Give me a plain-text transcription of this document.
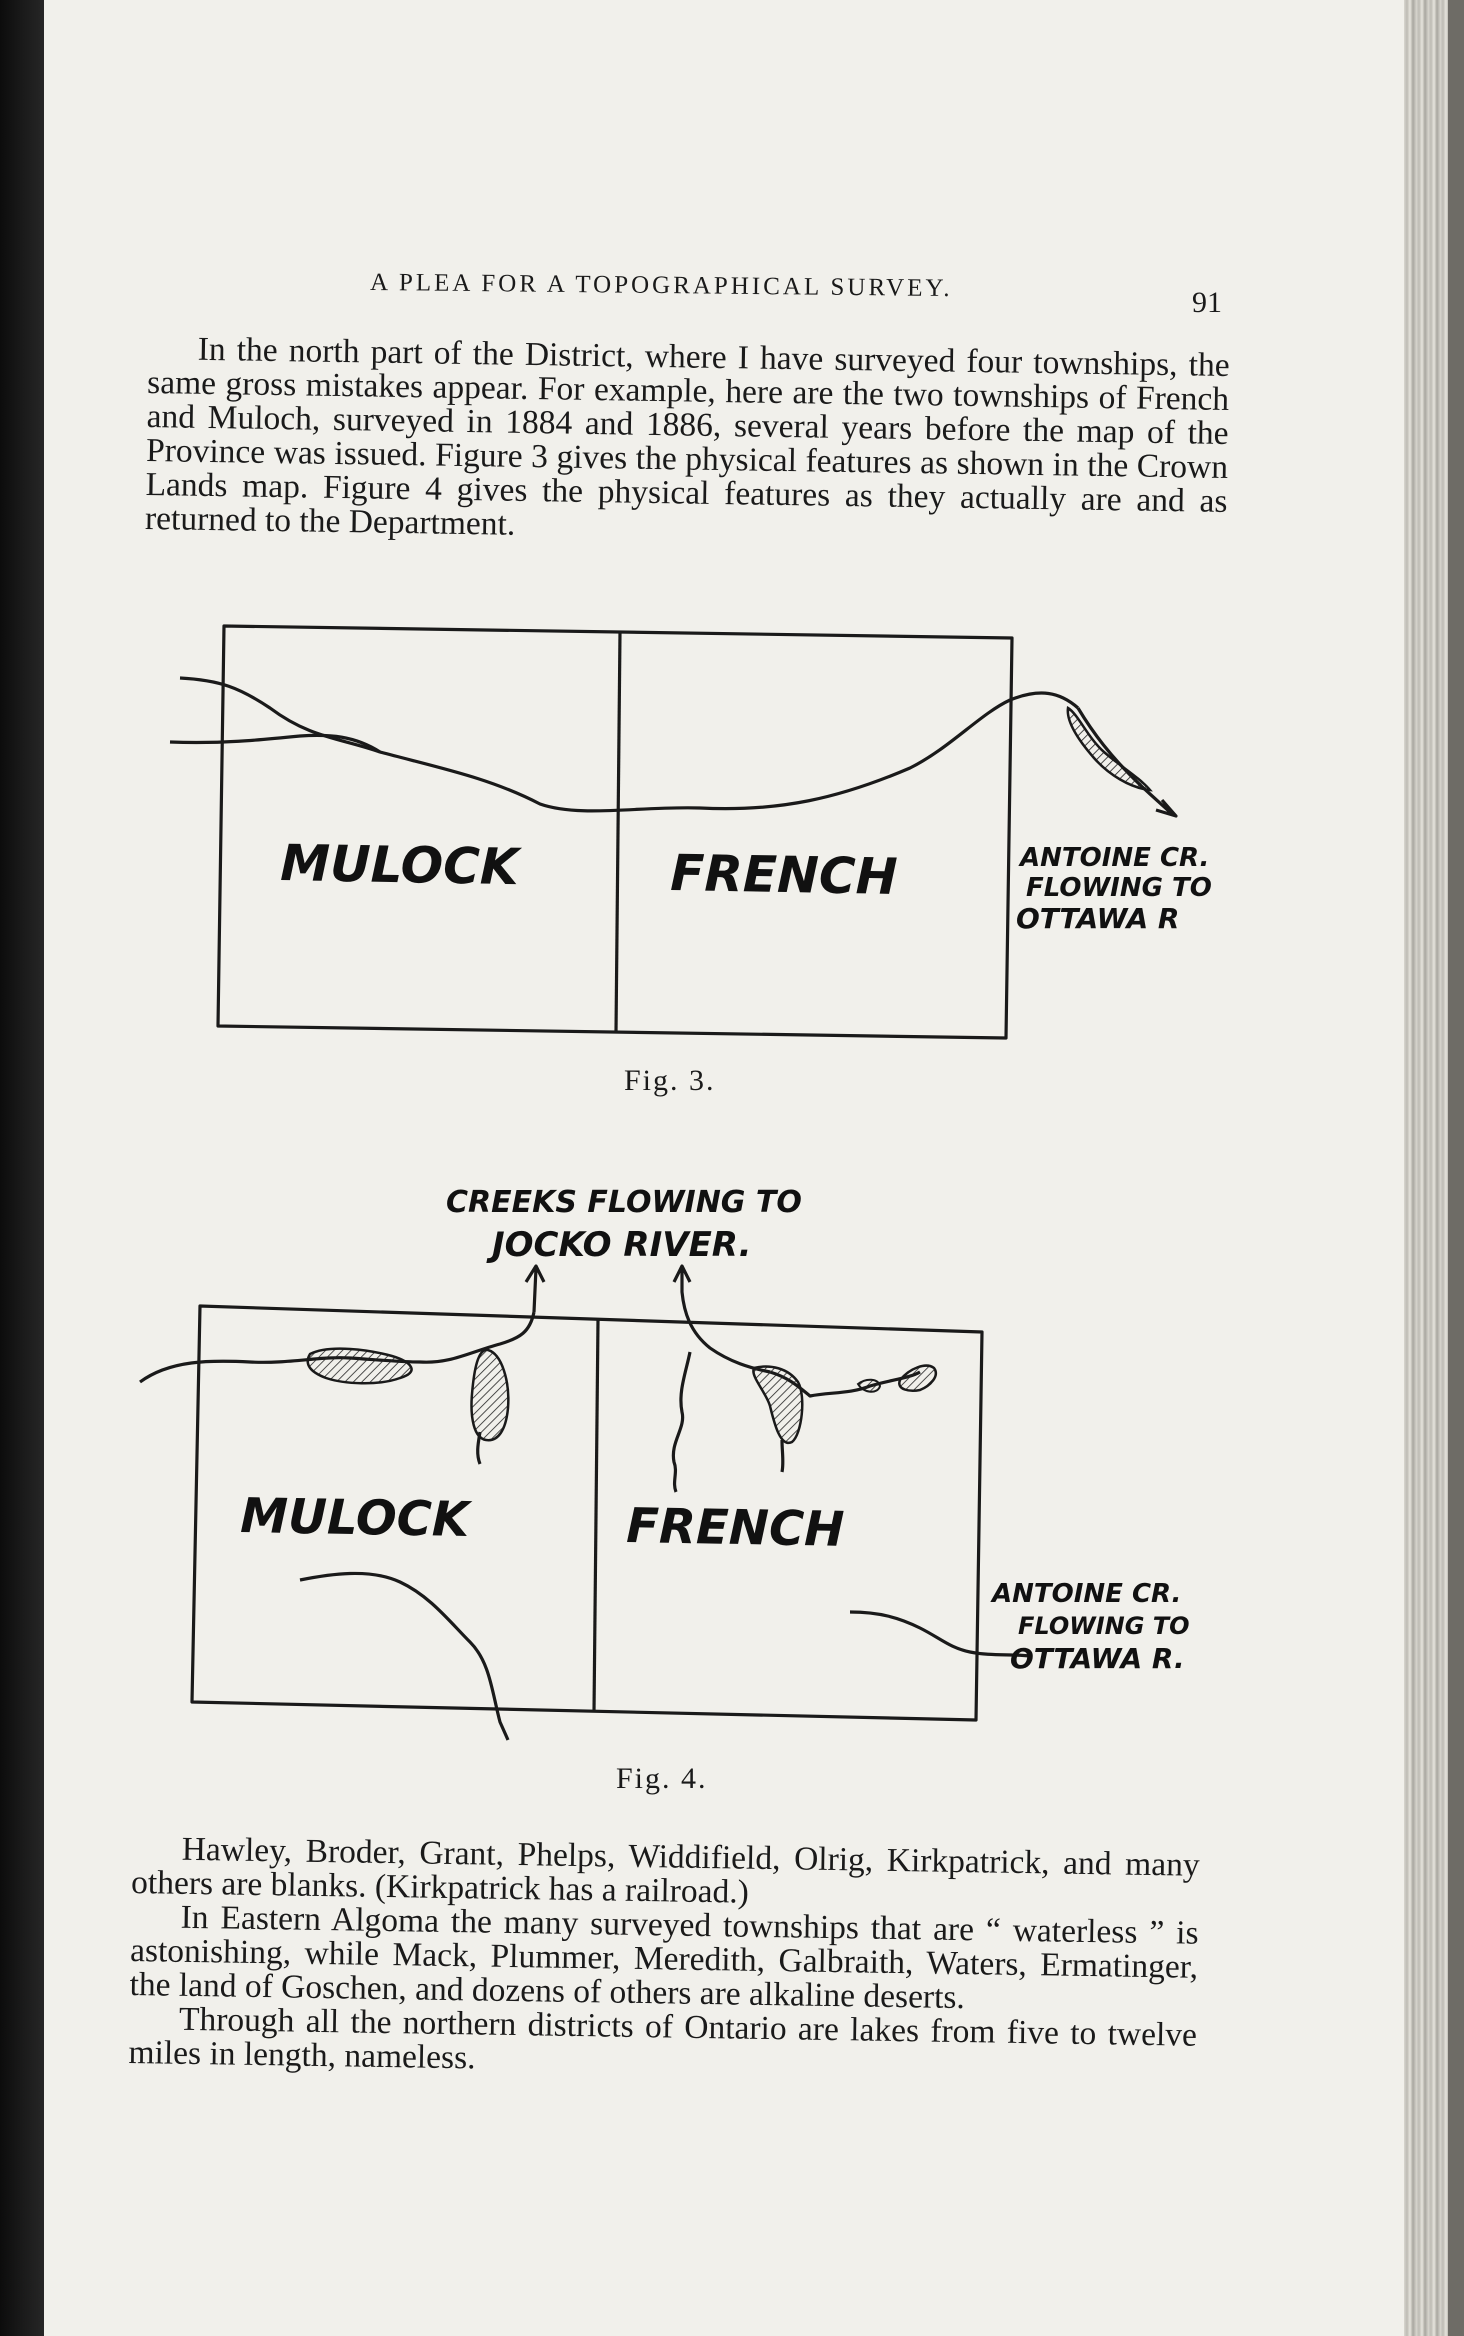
A PLEA FOR A TOPOGRAPHICAL SURVEY.
91

In the north part of the District, where I have surveyed four townships, the same gross mistakes appear. For example, here are the two townships of French and Muloch, surveyed in 1884 and 1886, several years before the map of the Province was issued. Figure 3 gives the physical features as shown in the Crown Lands map. Figure 4 gives the physical features as they actually are and as returned to the Department.

MULOCK	FRENCH	ANTOINE CR.
FLOWING TO
OTTAWA R
Fig. 3.
CREEKS FLOWING TO
JOCKO RIVER.
MULOCK	FRENCH
ANTOINE CR.
FLOWING TO
OTTAWA R.
Fig. 4.

Hawley, Broder, Grant, Phelps, Widdifield, Olrig, Kirkpatrick, and many others are blanks. (Kirkpatrick has a railroad.)

In Eastern Algoma the many surveyed townships that are “ waterless ” is astonishing, while Mack, Plummer, Meredith, Galbraith, Waters, Ermatinger, the land of Goschen, and dozens of others are alkaline deserts.

Through all the northern districts of Ontario are lakes from five to twelve miles in length, nameless.
